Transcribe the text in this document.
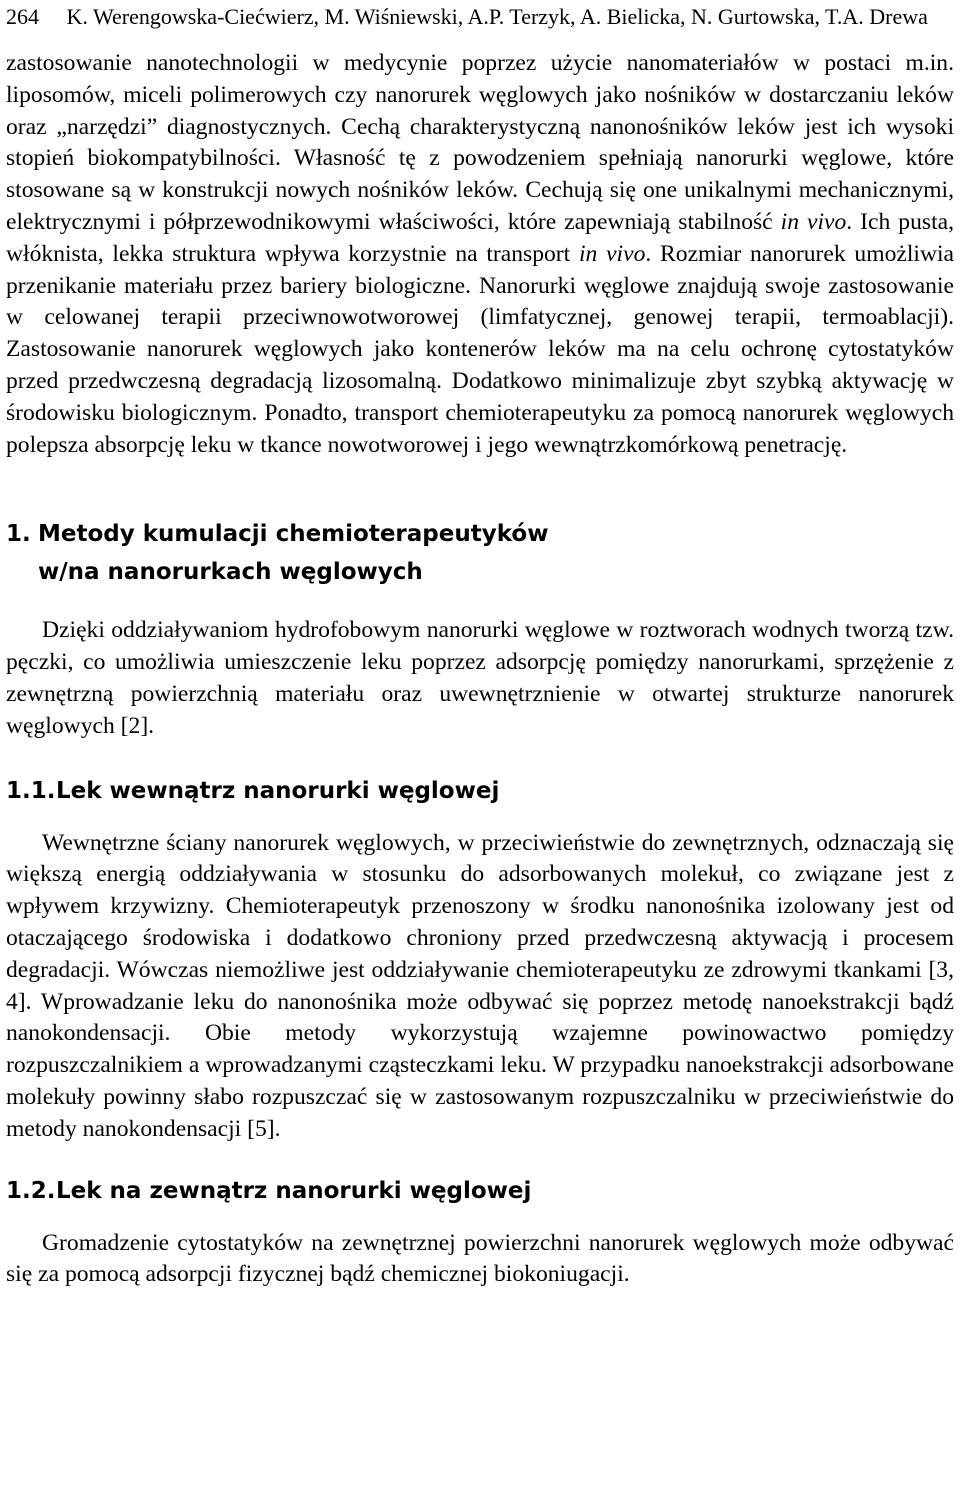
264 K. Werengowska-Ciećwierz, M. Wiśniewski, A.P. Terzyk, A. Bielicka, N. Gurtowska, T.A. Drewa

zastosowanie nanotechnologii w medycynie poprzez użycie nanomateriałów w postaci m.in. liposomów, miceli polimerowych czy nanorurek węglowych jako nośników w dostarczaniu leków oraz „narzędzi” diagnostycznych. Cechą charakterystyczną nanonośników leków jest ich wysoki stopień biokompatybilności. Własność tę z powodzeniem spełniają nanorurki węglowe, które stosowane są w konstrukcji nowych nośników leków. Cechują się one unikalnymi mechanicznymi, elektrycznymi i półprzewodnikowymi właściwości, które zapewniają stabilność in vivo. Ich pusta, włóknista, lekka struktura wpływa korzystnie na transport in vivo. Rozmiar nanorurek umożliwia przenikanie materiału przez bariery biologiczne. Nanorurki węglowe znajdują swoje zastosowanie w celowanej terapii przeciwnowotworowej (limfatycznej, genowej terapii, termoablacji). Zastosowanie nanorurek węglowych jako kontenerów leków ma na celu ochronę cytostatyków przed przedwczesną degradacją lizosomalną. Dodatkowo minimalizuje zbyt szybką aktywację w środowisku biologicznym. Ponadto, transport chemioterapeutyku za pomocą nanorurek węglowych polepsza absorpcję leku w tkance nowotworowej i jego wewnątrzkomórkową penetrację.

1. Metody kumulacji chemioterapeutyków
w/na nanorurkach węglowych

Dzięki oddziaływaniom hydrofobowym nanorurki węglowe w roztworach wodnych tworzą tzw. pęczki, co umożliwia umieszczenie leku poprzez adsorpcję pomiędzy nanorurkami, sprzężenie z zewnętrzną powierzchnią materiału oraz uwewnętrznienie w otwartej strukturze nanorurek węglowych [2].

1.1.Lek wewnątrz nanorurki węglowej

Wewnętrzne ściany nanorurek węglowych, w przeciwieństwie do zewnętrznych, odznaczają się większą energią oddziaływania w stosunku do adsorbowanych molekuł, co związane jest z wpływem krzywizny. Chemioterapeutyk przenoszony w środku nanonośnika izolowany jest od otaczającego środowiska i dodatkowo chroniony przed przedwczesną aktywacją i procesem degradacji. Wówczas niemożliwe jest oddziaływanie chemioterapeutyku ze zdrowymi tkankami [3, 4]. Wprowadzanie leku do nanonośnika może odbywać się poprzez metodę nanoekstrakcji bądź nanokondensacji. Obie metody wykorzystują wzajemne powinowactwo pomiędzy rozpuszczalnikiem a wprowadzanymi cząsteczkami leku. W przypadku nanoekstrakcji adsorbowane molekuły powinny słabo rozpuszczać się w zastosowanym rozpuszczalniku w przeciwieństwie do metody nanokondensacji [5].

1.2.Lek na zewnątrz nanorurki węglowej

Gromadzenie cytostatyków na zewnętrznej powierzchni nanorurek węglowych może odbywać się za pomocą adsorpcji fizycznej bądź chemicznej biokoniugacji.
